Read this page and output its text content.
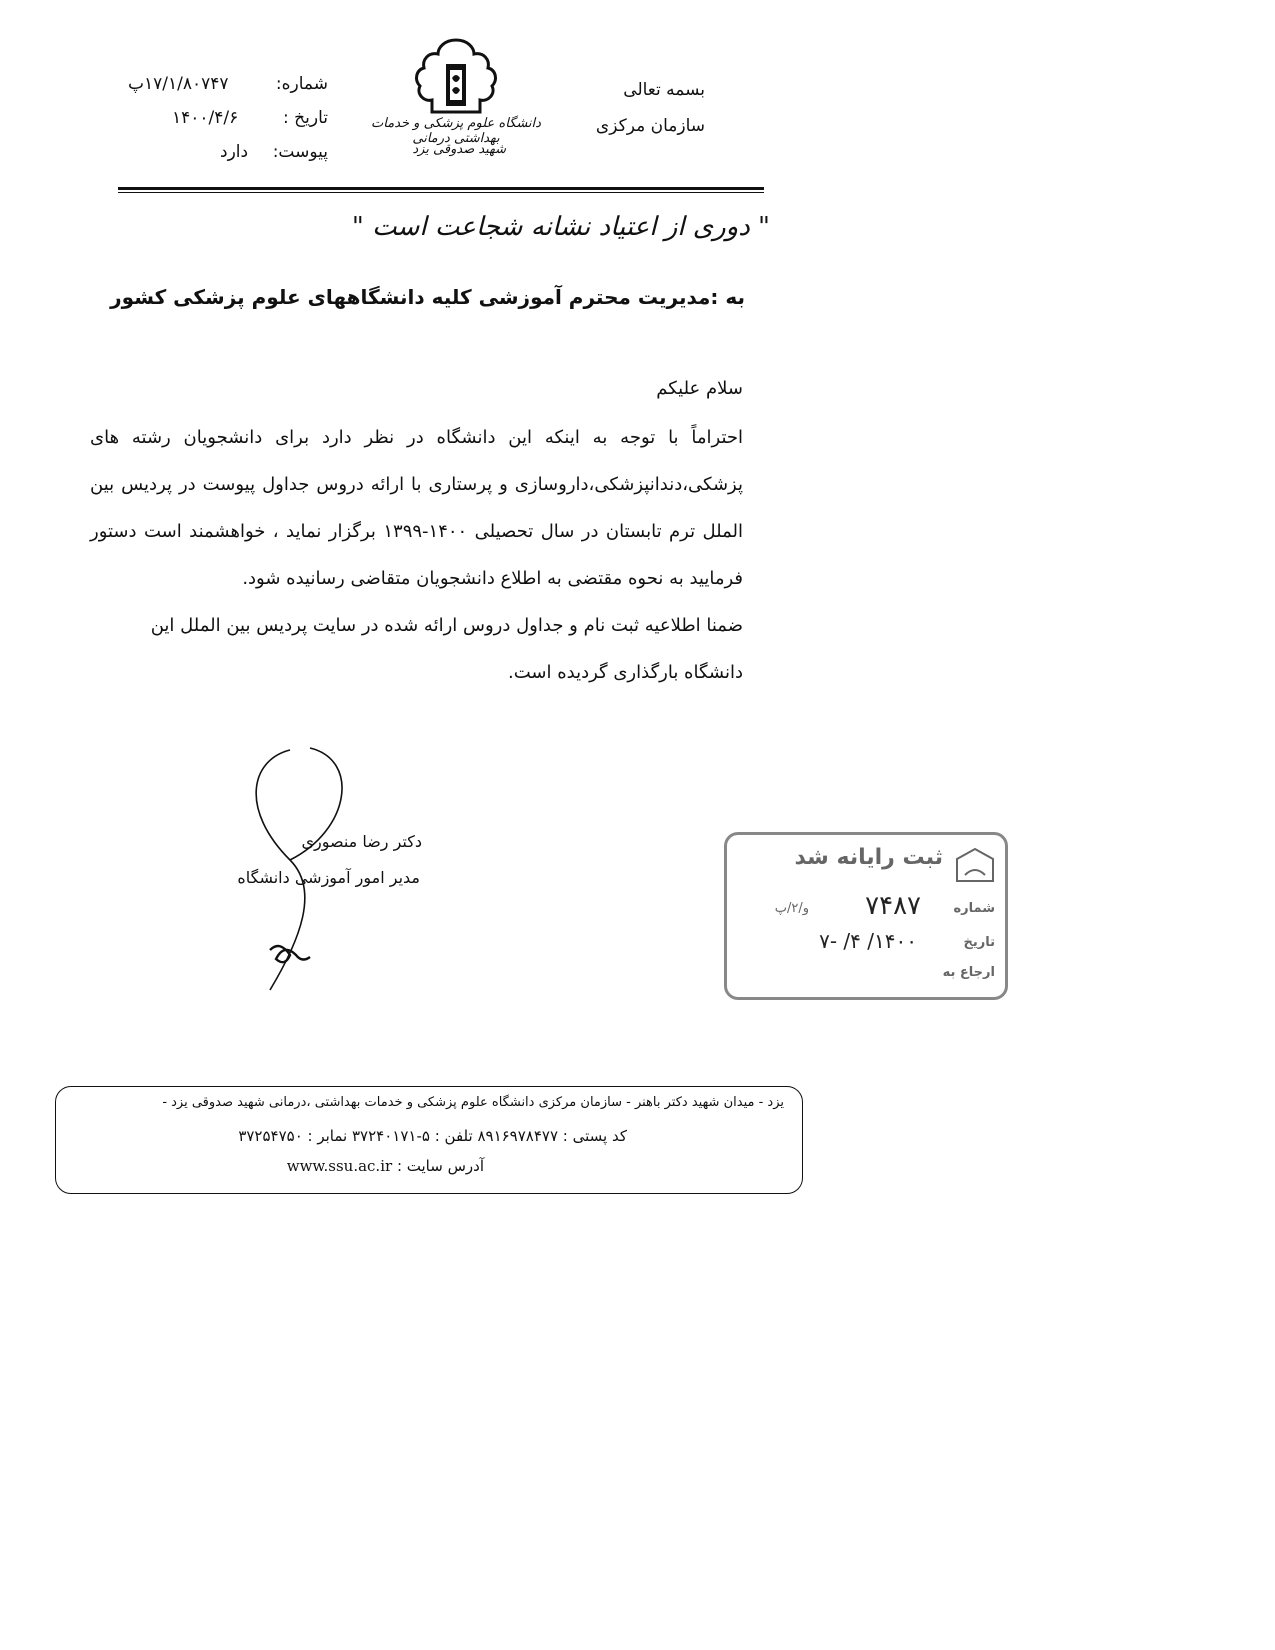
بسمه تعالی
سازمان مرکزی
دانشگاه علوم پزشکی و خدمات بهداشتی درمانی
شهید صدوقی یزد
شماره:
۱۷/۱/۸۰۷۴۷پ
تاریخ :
۱۴۰۰/۴/۶
پیوست:
دارد
" دوری از اعتیاد نشانه شجاعت است "
به :مدیریت محترم آموزشی کلیه دانشگاههای علوم پزشکی کشور
سلام علیکم
احتراماً با توجه به اینکه این دانشگاه در نظر دارد برای دانشجویان رشته های پزشکی،دندانپزشکی،داروسازی و پرستاری با ارائه دروس جداول پیوست در پردیس بین الملل ترم تابستان در سال تحصیلی ۱۴۰۰-۱۳۹۹ برگزار نماید ، خواهشمند است دستور فرمایید به نحوه مقتضی به اطلاع دانشجویان متقاضی رسانیده شود.
ضمنا اطلاعیه ثبت نام و جداول دروس ارائه شده در سایت پردیس بین الملل این دانشگاه بارگذاری گردیده است.
دکتر رضا منصوری
مدیر امور آموزشی دانشگاه
ثبت رایانه شد
شماره
۷۴۸۷
و/۲/پ
تاریخ
۱۴۰۰/ ۴/ -۷
ارجاع به
یزد - میدان شهید دکتر باهنر - سازمان مرکزی دانشگاه علوم پزشکی و خدمات بهداشتی ،درمانی شهید صدوقی یزد -
کد پستی : ۸۹۱۶۹۷۸۴۷۷ تلفن : ۵-۳۷۲۴۰۱۷۱ نمابر : ۳۷۲۵۴۷۵۰
آدرس سایت : www.ssu.ac.ir
